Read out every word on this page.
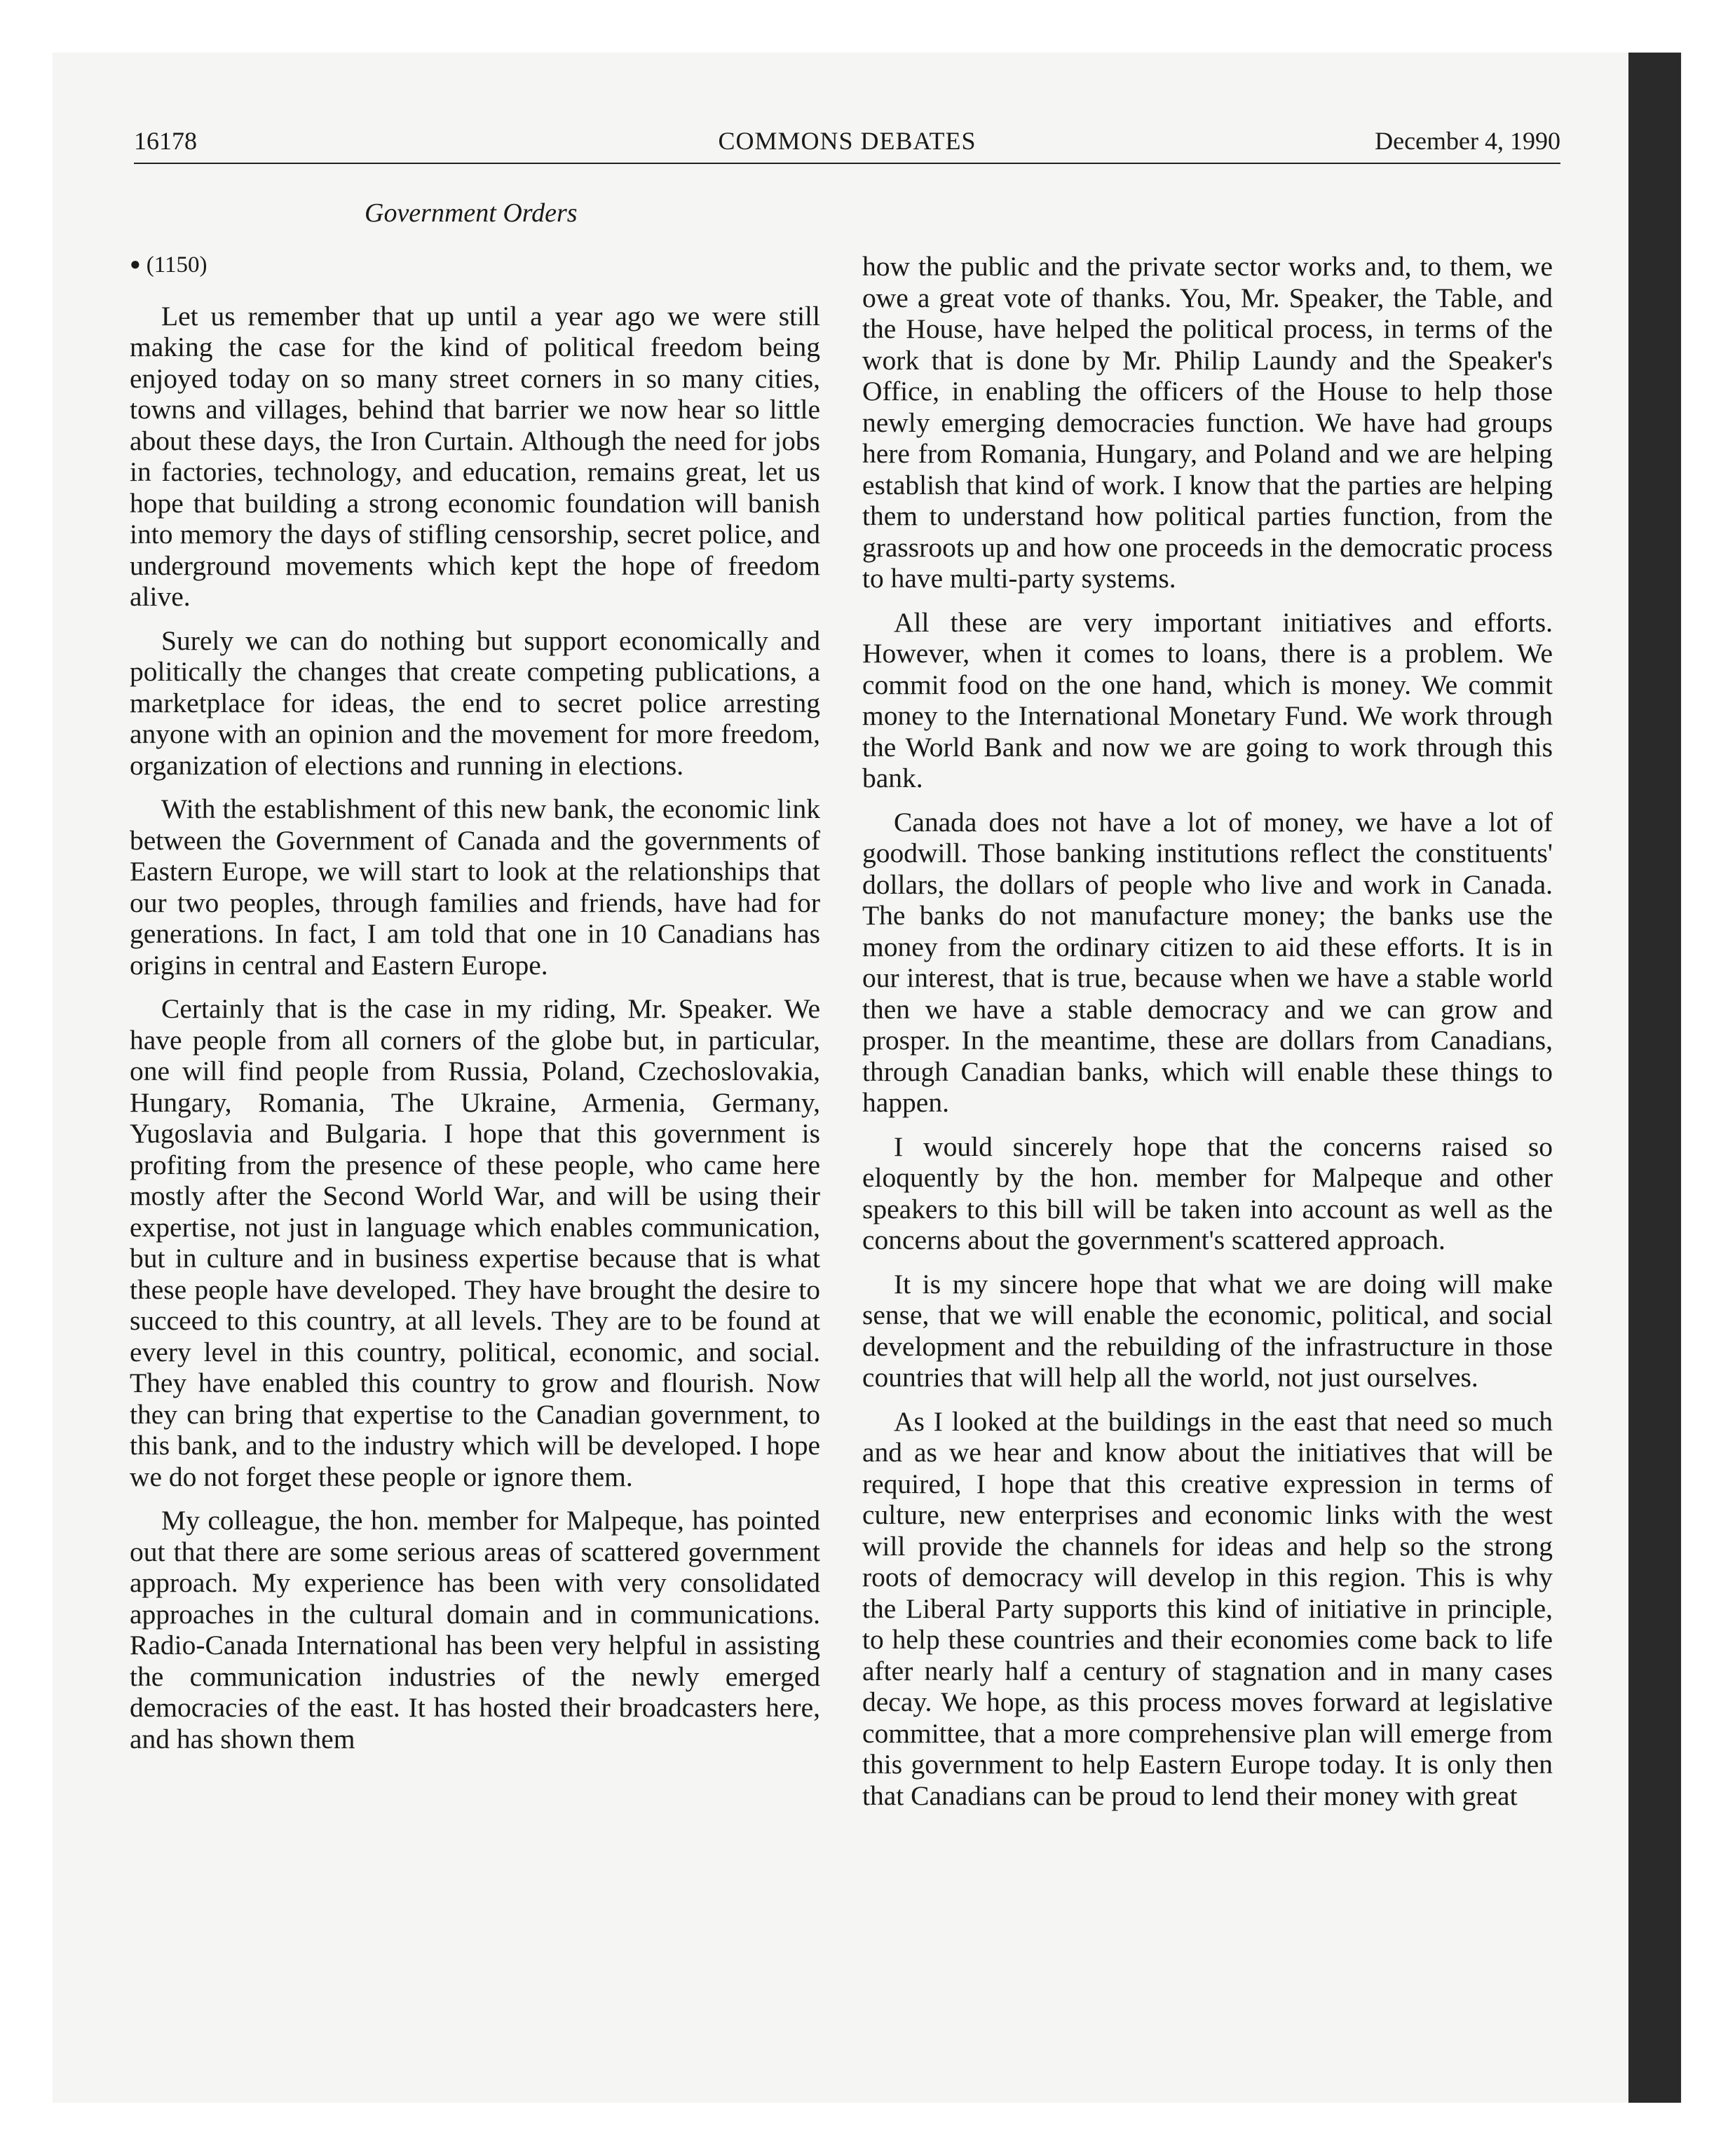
16178	COMMONS DEBATES	December 4, 1990
Government Orders
● (1150)

Let us remember that up until a year ago we were still making the case for the kind of political freedom being enjoyed today on so many street corners in so many cities, towns and villages, behind that barrier we now hear so little about these days, the Iron Curtain. Although the need for jobs in factories, technology, and education, remains great, let us hope that building a strong economic foundation will banish into memory the days of stifling censorship, secret police, and underground movements which kept the hope of freedom alive.

Surely we can do nothing but support economically and politically the changes that create competing publications, a marketplace for ideas, the end to secret police arresting anyone with an opinion and the movement for more freedom, organization of elections and running in elections.

With the establishment of this new bank, the economic link between the Government of Canada and the governments of Eastern Europe, we will start to look at the relationships that our two peoples, through families and friends, have had for generations. In fact, I am told that one in 10 Canadians has origins in central and Eastern Europe.

Certainly that is the case in my riding, Mr. Speaker. We have people from all corners of the globe but, in particular, one will find people from Russia, Poland, Czechoslovakia, Hungary, Romania, The Ukraine, Armenia, Germany, Yugoslavia and Bulgaria. I hope that this government is profiting from the presence of these people, who came here mostly after the Second World War, and will be using their expertise, not just in language which enables communication, but in culture and in business expertise because that is what these people have developed. They have brought the desire to succeed to this country, at all levels. They are to be found at every level in this country, political, economic, and social. They have enabled this country to grow and flourish. Now they can bring that expertise to the Canadian government, to this bank, and to the industry which will be developed. I hope we do not forget these people or ignore them.

My colleague, the hon. member for Malpeque, has pointed out that there are some serious areas of scattered government approach. My experience has been with very consolidated approaches in the cultural domain and in communications. Radio-Canada International has been very helpful in assisting the communication industries of the newly emerged democracies of the east. It has hosted their broadcasters here, and has shown them

how the public and the private sector works and, to them, we owe a great vote of thanks. You, Mr. Speaker, the Table, and the House, have helped the political process, in terms of the work that is done by Mr. Philip Laundy and the Speaker's Office, in enabling the officers of the House to help those newly emerging democracies function. We have had groups here from Romania, Hungary, and Poland and we are helping establish that kind of work. I know that the parties are helping them to understand how political parties function, from the grassroots up and how one proceeds in the democratic process to have multi-party systems.

All these are very important initiatives and efforts. However, when it comes to loans, there is a problem. We commit food on the one hand, which is money. We commit money to the International Monetary Fund. We work through the World Bank and now we are going to work through this bank.

Canada does not have a lot of money, we have a lot of goodwill. Those banking institutions reflect the constituents' dollars, the dollars of people who live and work in Canada. The banks do not manufacture money; the banks use the money from the ordinary citizen to aid these efforts. It is in our interest, that is true, because when we have a stable world then we have a stable democracy and we can grow and prosper. In the meantime, these are dollars from Canadians, through Canadian banks, which will enable these things to happen.

I would sincerely hope that the concerns raised so eloquently by the hon. member for Malpeque and other speakers to this bill will be taken into account as well as the concerns about the government's scattered approach.

It is my sincere hope that what we are doing will make sense, that we will enable the economic, political, and social development and the rebuilding of the infrastructure in those countries that will help all the world, not just ourselves.

As I looked at the buildings in the east that need so much and as we hear and know about the initiatives that will be required, I hope that this creative expression in terms of culture, new enterprises and economic links with the west will provide the channels for ideas and help so the strong roots of democracy will develop in this region. This is why the Liberal Party supports this kind of initiative in principle, to help these countries and their economies come back to life after nearly half a century of stagnation and in many cases decay. We hope, as this process moves forward at legislative committee, that a more comprehensive plan will emerge from this government to help Eastern Europe today. It is only then that Canadians can be proud to lend their money with great
